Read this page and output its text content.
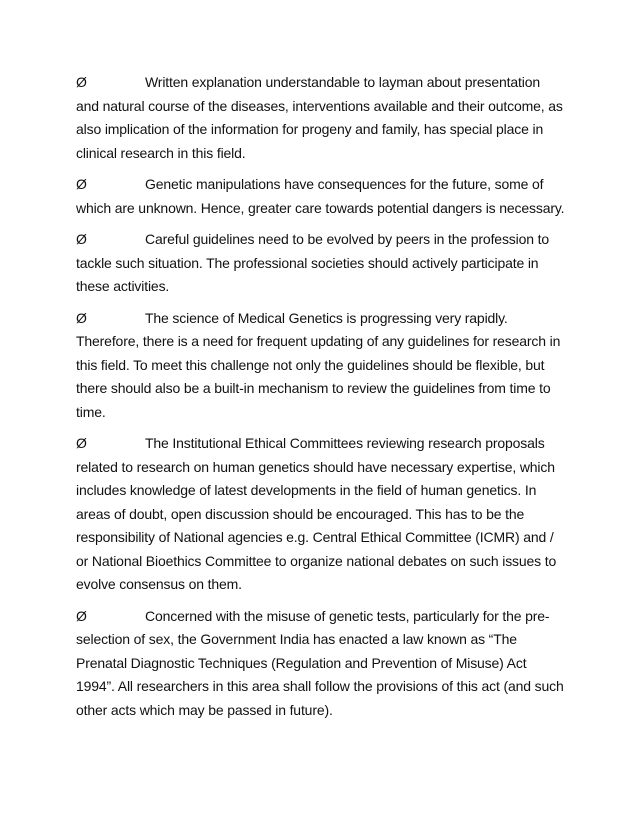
Ø	Written explanation understandable to layman about presentation and natural course of the diseases, interventions available and their outcome, as also implication of the information for progeny and family, has special place in clinical research in this field.

Ø	Genetic manipulations have consequences for the future, some of which are unknown. Hence, greater care towards potential dangers is necessary.

Ø	Careful guidelines need to be evolved by peers in the profession to tackle such situation. The professional societies should actively participate in these activities.

Ø	The science of Medical Genetics is progressing very rapidly. Therefore, there is a need for frequent updating of any guidelines for research in this field. To meet this challenge not only the guidelines should be flexible, but there should also be a built-in mechanism to review the guidelines from time to time.

Ø	The Institutional Ethical Committees reviewing research proposals related to research on human genetics should have necessary expertise, which includes knowledge of latest developments in the field of human genetics. In areas of doubt, open discussion should be encouraged. This has to be the responsibility of National agencies e.g. Central Ethical Committee (ICMR) and / or National Bioethics Committee to organize national debates on such issues to evolve consensus on them.

Ø	Concerned with the misuse of genetic tests, particularly for the pre-selection of sex, the Government India has enacted a law known as “The Prenatal Diagnostic Techniques (Regulation and Prevention of Misuse) Act 1994”. All researchers in this area shall follow the provisions of this act (and such other acts which may be passed in future).
